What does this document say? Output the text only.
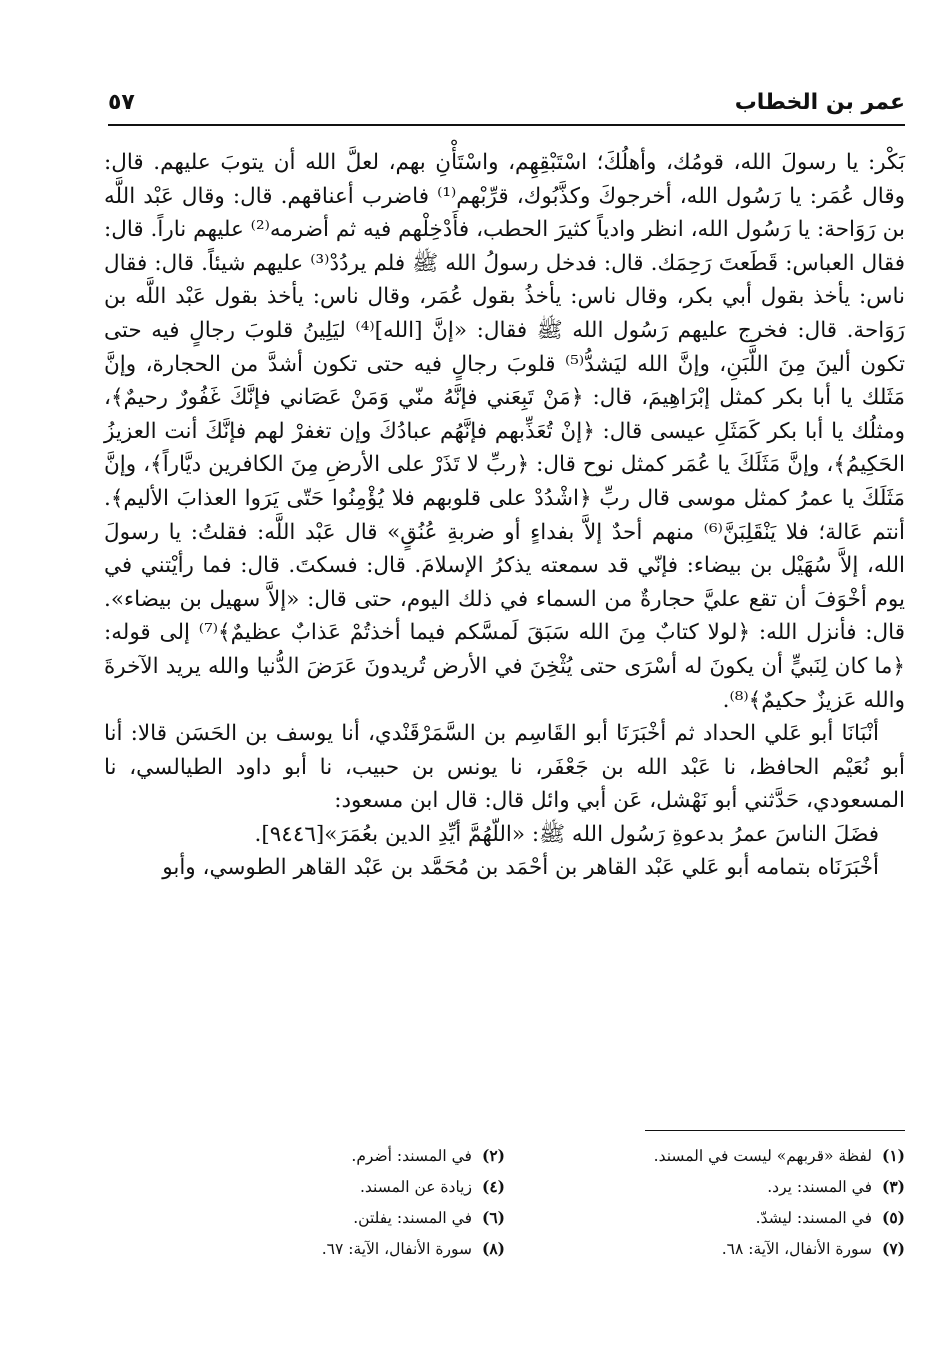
عمر بن الخطاب
٥٧

بَكْر: يا رسولَ الله، قومُك، وأهلُكَ؛ اسْتَبْقِهِم، واسْتَأْنِ بهم، لعلَّ الله أن يتوبَ عليهم. قال: وقال عُمَر: يا رَسُول الله، أخرجوكَ وكذَّبُوك، قرِّبْهم⁽¹⁾ فاضرب أعناقهم. قال: وقال عَبْد اللَّه بن رَوَاحة: يا رَسُول الله، انظر وادياً كثيرَ الحطب، فأَدْخِلْهم فيه ثم أضرمه⁽²⁾ عليهم ناراً. قال: فقال العباس: قَطَعتَ رَحِمَك. قال: فدخل رسولُ الله ﷺ فلم يردُدْ⁽³⁾ عليهم شيئاً. قال: فقال ناس: يأخذ بقول أبي بكر، وقال ناس: يأخذُ بقول عُمَر، وقال ناس: يأخذ بقول عَبْد اللَّه بن رَوَاحة. قال: فخرج عليهم رَسُول الله ﷺ فقال: «إنَّ [الله]⁽⁴⁾ ليَلِينُ قلوبَ رجالٍ فيه حتى تكون ألينَ مِنَ اللَّبَنِ، وإنَّ الله ليَشدُّ⁽⁵⁾ قلوبَ رجالٍ فيه حتى تكون أشدَّ من الحجارة، وإنَّ مَثَلك يا أبا بكر كمثل إبْرَاهِيمَ، قال: ﴿مَنْ تَبِعَني فإنَّهُ منّي وَمَنْ عَصَاني فإنَّكَ غَفُورٌ رحيمٌ﴾، ومثلُك يا أبا بكر كَمَثَلِ عيسى قال: ﴿إنْ تُعَذِّبهم فإنَّهُم عبادُكَ وإن تغفرْ لهم فإنَّكَ أنت العزيزُ الحَكِيمُ﴾، وإنَّ مَثَلَكَ يا عُمَر كمثل نوح قال: ﴿ربِّ لا تَذَرْ على الأرضِ مِنَ الكافرين ديَّاراً﴾، وإنَّ مَثَلَكَ يا عمرُ كمثل موسى قال ربِّ ﴿اشْدُدْ على قلوبهم فلا يُؤْمِنُوا حَتّى يَرَوا العذابَ الأليم﴾. أنتم عَالة؛ فلا يَنْقَلِبَنَّ⁽⁶⁾ منهم أحدٌ إلاَّ بفداءٍ أو ضربةِ عُنُقٍ» قال عَبْد اللَّه: فقلتُ: يا رسولَ الله، إلاَّ سُهَيْل بن بيضاء: فإنّي قد سمعته يذكرُ الإسلامَ. قال: فسكتَ. قال: فما رأيْتني في يوم أخْوَفَ أن تقع عليَّ حجارةٌ من السماء في ذلك اليوم، حتى قال: «إلاَّ سهيل بن بيضاء». قال: فأنزل الله: ﴿لولا كتابٌ مِنَ الله سَبَقَ لَمسَّكم فيما أخذتُمْ عَذابٌ عظيمٌ﴾⁽⁷⁾ إلى قوله: ﴿ما كان لِنَبيٍّ أن يكونَ له أسْرَى حتى يُثْخِنَ في الأرض تُريدونَ عَرَضَ الدُّنيا والله يريد الآخرةَ والله عَزيزٌ حكيمٌ﴾⁽⁸⁾.

أنْبَانَا أبو عَلي الحداد ثم أخْبَرَنَا أبو القَاسِم بن السَّمَرْقَنْدي، أنا يوسف بن الحَسَن قالا: أنا أبو نُعَيْم الحافظ، نا عَبْد الله بن جَعْفَر، نا يونس بن حبيب، نا أبو داود الطيالسي، نا المسعودي، حَدَّثني أبو نَهْشل، عَن أبي وائل قال: قال ابن مسعود:

فضَلَ الناسَ عمرُ بدعوةِ رَسُول الله ﷺ: «اللّهُمَّ أيِّدِ الدين بعُمَرَ»[٩٤٤٦].

أخْبَرَنَاه بتمامه أبو عَلي عَبْد القاهر بن أحْمَد بن مُحَمَّد بن عَبْد القاهر الطوسي، وأبو

(١)لفظة «قربهم» ليست في المسند.
(٣)في المسند: يرد.
(٥)في المسند: ليشدّ.
(٧)سورة الأنفال، الآية: ٦٨.
(٢)في المسند: أضرم.
(٤)زيادة عن المسند.
(٦)في المسند: يفلتن.
(٨)سورة الأنفال، الآية: ٦٧.
